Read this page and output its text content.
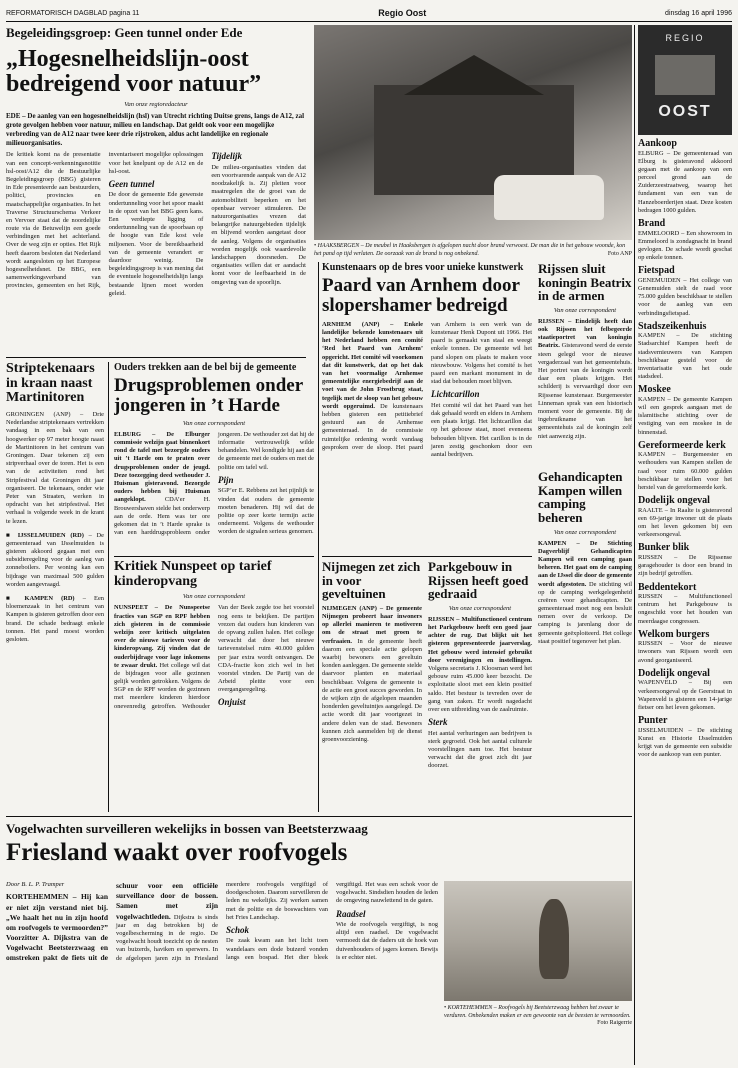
REFORMATORISCH DAGBLAD pagina 11	Regio Oost	dinsdag 16 april 1996
Begeleidingsgroep: Geen tunnel onder Ede
„Hogesnelheidslijn-oost bedreigend voor natuur”
Van onze regioredacteur
EDE – De aanleg van een hogesnelheidslijn (hsl) van Utrecht richting Duitse grens, langs de A12, zal grote gevolgen hebben voor natuur, milieu en landschap. Dat geldt ook voor een mogelijke verbreding van de A12 naar twee keer drie rijstroken, aldus acht landelijke en regionale milieuorganisaties.
De kritiek komt na de presentatie van een concept-verkenningsnotitie hsl-oost/A12 die de Bestuurlijke Begeleidingsgroep (BBG) gisteren in Ede presenteerde aan bestuurders, politici, provincies en maatschappelijke organisaties. In het Traverse Structuurschema Verkeer en Vervoer staat dat de noordelijke route via de Betuwelijn een goede verbindingen met het achterland. Over de weg zijn er opties. Het Rijk heeft daarom besloten dat Nederland wordt aangesloten op het Europese hogesnelheidsnet. De BBG, een samenwerkingsverband van provincies, gemeenten en het Rijk, inventariseert mogelijke oplossingen voor het knelpunt op de A12 en de hsl-oost.
Geen tunnel
De door de gemeente Ede gewenste ondertunneling voor het spoor maakt in de opzet van het BBG geen kans. Een verdiepte ligging of ondertunneling van de spoorbaan op de hoogte van Ede kost vele miljoenen. Voor de bereikbaarheid van de gemeente verandert er daardoor weinig. De begeleidingsgroep is van mening dat de eventuele hogesnelheidslijn langs bestaande lijnen moet worden geleid.
Tijdelijk
De milieu-organisaties vinden dat een voortvarende aanpak van de A12 noodzakelijk is. Zij pleiten voor maatregelen die de groei van de automobiliteit beperken en het openbaar vervoer stimuleren. De natuurorganisaties vrezen dat belangrijke natuurgebieden tijdelijk en blijvend worden aangetast door de aanleg. Volgens de organisaties worden mogelijk ook waardevolle landschappen doorsneden. De organisaties willen dat er aandacht komt voor de leefbaarheid in de omgeving van de spoorlijn.
• HAAKSBERGEN – De meubel in Haaksbergen is afgelopen nacht door brand verwoest. De man die in het gebouw woonde, kon het pand op tijd verlaten. De oorzaak van de brand is nog onbekend.	Foto ANP
REGIO
OOST
Aankoop
ELBURG – De gemeenteraad van Elburg is gisteravond akkoord gegaan met de aankoop van een perceel grond aan de Zuiderzeestraatweg, waarop het fundament van een van de Hanzeboerderijen staat. Deze kosten bedragen 1000 gulden.
Brand
EMMELOORD – Een showroom in Emmeloord is zondagnacht in brand gevlogen. De schade wordt geschat op enkele tonnen.
Fietspad
GENEMUIDEN – Het college van Genemuiden stelt de raad voor 75.000 gulden beschikbaar te stellen voor de aanleg van een verbindingsfietspad.
Stadszeikenhuis
KAMPEN – De stichting Stadsarchief Kampen heeft de stadsvernieuwers van Kampen beschikbaar gesteld voor de inventarisatie van het oude stadsdeel.
Moskee
KAMPEN – De gemeente Kampen wil een gesprek aangaan met de islamitische stichting over de vestiging van een moskee in de binnenstad.
Gereformeerde kerk
KAMPEN – Burgemeester en wethouders van Kampen stellen de raad voor ruim 60.000 gulden beschikbaar te stellen voor het herstel van de gereformeerde kerk.
Dodelijk ongeval
RAALTE – In Raalte is gisteravond een 69-jarige inwoner uit de plaats om het leven gekomen bij een verkeersongeval.
Bunker blik
RIJSSEN – De Rijssense garagehouder is door een brand in zijn bedrijf getroffen.
Beddentekort
RIJSSEN – Multifunctioneel centrum het Parkgebouw is ongeschikt voor het houden van meerdaagse congressen.
Welkom burgers
RIJSSEN – Voor de nieuwe inwoners van Rijssen wordt een avond georganiseerd.
Dodelijk ongeval
WAPENVELD – Bij een verkeersongeval op de Geerstraat in Wapenveld is gisteren een 14-jarige fietser om het leven gekomen.
Punter
IJSSELMUIDEN – De stichting Kunst en Historie IJsselmuiden krijgt van de gemeente een subsidie voor de aankoop van een punter.
Striptekenaars in kraan naast Martinitoren
GRONINGEN (ANP) – Drie Nederlandse striptekenaars vertrekken vandaag in een bak van een hoogwerker op 97 meter hoogte naast de Martinitoren in het centrum van Groningen. Daar tekenen zij een stripverhaal over de toren. Het is een van de activiteiten rond het Stripfestival dat Groningen dit jaar organiseert. De tekenaars, onder wie Peter van Straaten, werken in opdracht van het stripfestival. Het verhaal is volgende week in de krant te lezen.
■ IJSSELMUIDEN (RD) – De gemeenteraad van IJsselmuiden is gisteren akkoord gegaan met een subsidieregeling voor de aanleg van zonneboilers. Per woning kan een bijdrage van maximaal 500 gulden worden aangevraagd.
■ KAMPEN (RD) – Een bloemenzaak in het centrum van Kampen is gisteren getroffen door een brand. De schade bedraagt enkele tonnen. Het pand moest worden gesloten.
Ouders trekken aan de bel bij de gemeente
Drugsproblemen onder jongeren in ’t Harde
Van onze correspondent
ELBURG – De Elburger commissie welzijn gaat binnenkort rond de tafel met bezorgde ouders uit ’t Harde om te praten over drugsproblemen onder de jeugd. Deze toezegging deed wethouder J. Huisman gisteravond. Bezorgde ouders hebben bij Huisman aangeklopt.	CDA’er H. Brouwershaven stelde het onderwerp aan de orde. Hem was ter ore gekomen dat in ’t Harde sprake is van een harddrugsprobleem onder jongeren. De wethouder zei dat hij de informatie vertrouwelijk wilde behandelen. Wel kondigde hij aan dat de gemeente met de ouders en met de politie om tafel wil.
Pijn
SGP’er E. Rebbens zei het pijnlijk te vinden dat ouders de gemeente moeten benaderen. Hij wil dat de politie op zeer korte termijn actie onderneemt. Volgens de wethouder worden de signalen serieus genomen.
Kritiek Nunspeet op tarief kinderopvang
Van onze correspondent
NUNSPEET – De Nunspeetse fracties van SGP en RPF hebben zich gisteren in de commissie welzijn zeer kritisch uitgelaten over de nieuwe tarieven voor de kinderopvang. Zij vinden dat de ouderbijdrage voor lage inkomens te zwaar drukt. Het college wil dat de bijdragen voor alle gezinnen gelijk worden getrokken. Volgens de SGP en de RPF worden de gezinnen met meerdere kinderen hierdoor onevenredig getroffen. Wethouder Van der Beek zegde toe het voorstel nog eens te bekijken. De partijen vrezen dat ouders hun kinderen van de opvang zullen halen. Het college verwacht dat door het nieuwe tarievenstelsel ruim 40.000 gulden per jaar extra wordt ontvangen. De CDA-fractie kon zich wel in het voorstel vinden. De Partij van de Arbeid pleitte voor een overgangsregeling.
Onjuist
Kunstenaars op de bres voor unieke kunstwerk
Paard van Arnhem door slopershamer bedreigd
ARNHEM (ANP) – Enkele landelijke bekende kunstenaars uit het Nederland hebben een comité ‘Red het Paard van Arnhem’ opgericht. Het comité wil voorkomen dat dit kunstwerk, dat op het dak van het voormalige Arnhemse gemeentelijke energiebedrijf aan de voet van de John Frostbrug staat, tegelijk met de sloop van het gebouw wordt opgeruimd. De kunstenaars hebben gisteren een petitiebrief gestuurd aan de Arnhemse gemeenteraad. In de commissie ruimtelijke ordening wordt vandaag gesproken over de sloop. Het paard van Arnhem is een werk van de kunstenaar Henk Dupont uit 1966. Het paard is gemaakt van staal en weegt enkele tonnen. De gemeente wil het pand slopen om plaats te maken voor nieuwbouw. Volgens het comité is het paard een markant monument in de stad dat behouden moet blijven.
Lichtcarillon
Het comité wil dat het Paard van het dak gehaald wordt en elders in Arnhem een plaats krijgt. Het lichtcarillon dat op het gebouw staat, moet eveneens behouden blijven. Het carillon is in de jaren zestig geschonken door een aantal bedrijven.
Rijssen sluit koningin Beatrix in de armen
Van onze correspondent
RIJSSEN – Eindelijk heeft dan ook Rijssen het felbegeerde staatieportret van koningin Beatrix. Gisteravond werd de eerste steen gelegd voor de nieuwe vergaderzaal van het gemeentehuis. Het portret van de koningin wordt daar een plaats krijgen. Het schilderij is vervaardigd door een Rijssense kunstenaar. Burgemeester Linneman sprak van een historisch moment voor de gemeente. Bij de ingebruikname van het gemeentehuis zal de koningin zelf niet aanwezig zijn.
Gehandicapten Kampen willen camping beheren
Van onze correspondent
KAMPEN – De Stichting Dagverblijf Gehandicapten Kampen wil een camping gaan beheren. Het gaat om de camping aan de IJssel die door de gemeente wordt afgestoten. De stichting wil op de camping werkgelegenheid creëren voor gehandicapten. De gemeenteraad moet nog een besluit nemen over de verkoop. De camping is jarenlang door de gemeente geëxploiteerd. Het college staat positief tegenover het plan.
Nijmegen zet zich in voor geveltuinen
NIJMEGEN (ANP) – De gemeente Nijmegen probeert haar inwoners op allerlei manieren te motiveren om de straat met groen te verfraaien. In de gemeente heeft daarom een speciale actie gelopen waarbij bewoners een geveltuin konden aanleggen. De gemeente stelde daarvoor planten en materiaal beschikbaar. Volgens de gemeente is de actie een groot succes geworden. In de wijken zijn de afgelopen maanden honderden geveltuintjes aangelegd. De actie wordt dit jaar voortgezet in andere delen van de stad. Bewoners kunnen zich aanmelden bij de dienst groenvoorziening.
Parkgebouw in Rijssen heeft goed gedraaid
Van onze correspondent
RIJSSEN – Multifunctioneel centrum het Parkgebouw heeft een goed jaar achter de rug. Dat blijkt uit het gisteren gepresenteerde jaarverslag. Het gebouw werd intensief gebruikt door verenigingen en instellingen. Volgens secretaris J. Kloosman werd het gebouw ruim 45.000 keer bezocht. De exploitatie sloot met een klein positief saldo. Het bestuur is tevreden over de gang van zaken. Er wordt nagedacht over een uitbreiding van de zaalruimte.
Sterk
Het aantal verhuringen aan bedrijven is sterk gegroeid. Ook het aantal culturele voorstellingen nam toe. Het bestuur verwacht dat die groei zich dit jaar doorzet.
Vogelwachten surveilleren wekelijks in bossen van Beetsterzwaag
Friesland waakt over roofvogels
Door B. L. P. Tramper
KORTEHEMMEN – Hij kan er niet zijn verstand niet bij. „We haalt het nu in zijn hoofd om roofvogels te vermoorden?” Voorzitter A. Dijkstra van de Vogelwacht Beetsterzwaag en omstreken pakt de fiets uit de schuur voor een officiële surveillance door de bossen. Samen met zijn vogelwachtleden. Dijkstra is sinds jaar en dag betrokken bij de vogelbescherming in de regio. De vogelwacht houdt toezicht op de nesten van buizerds, haviken en sperwers. In de afgelopen jaren zijn in Friesland meerdere roofvogels vergiftigd of doodgeschoten. Daarom surveilleren de leden nu wekelijks. Zij werken samen met de politie en de boswachters van het Fries Landschap.
Schok
De zaak kwam aan het licht toen wandelaars een dode buizerd vonden langs een bospad. Het dier bleek vergiftigd. Het was een schok voor de vogelwacht. Sindsdien houden de leden de omgeving nauwlettend in de gaten.
Raadsel
Wie de roofvogels vergiftigt, is nog altijd een raadsel. De vogelwacht vermoedt dat de daders uit de hoek van duivenhouders of jagers komen. Bewijs is er echter niet.
• KORTEHEMMEN – Roofvogels bij Beetsterzwaag hebben het zwaar te verduren. Onbekenden maken er een gewoonte van de beesten te vermoorden.
Foto Raigerrie
